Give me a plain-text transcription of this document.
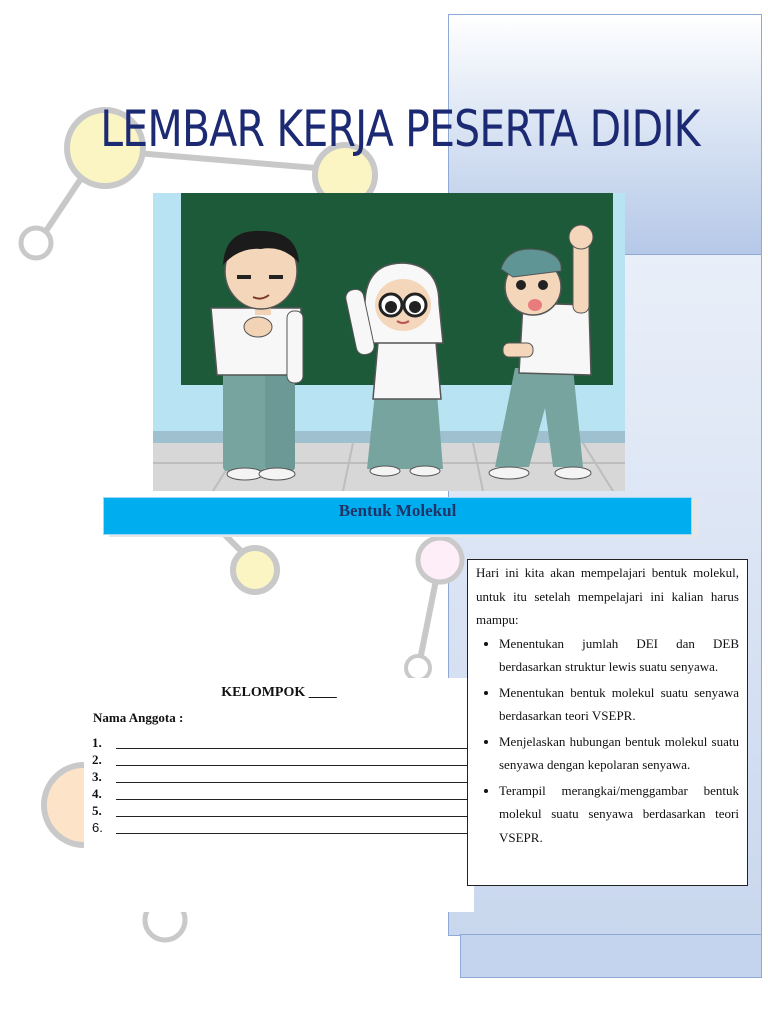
LEMBAR KERJA PESERTA DIDIK
Bentuk Molekul
KELOMPOK ____
Nama Anggota :
1.
2.
3.
4.
5.
6.

Hari ini kita akan mempelajari bentuk molekul, untuk itu setelah mempelajari ini kalian harus mampu:

• Menentukan jumlah DEI dan DEB berdasarkan struktur lewis suatu senyawa.
• Menentukan bentuk molekul suatu senyawa berdasarkan teori VSEPR.
• Menjelaskan hubungan bentuk molekul suatu senyawa dengan kepolaran senyawa.
• Terampil merangkai/menggambar bentuk molekul suatu senyawa berdasarkan teori VSEPR.
